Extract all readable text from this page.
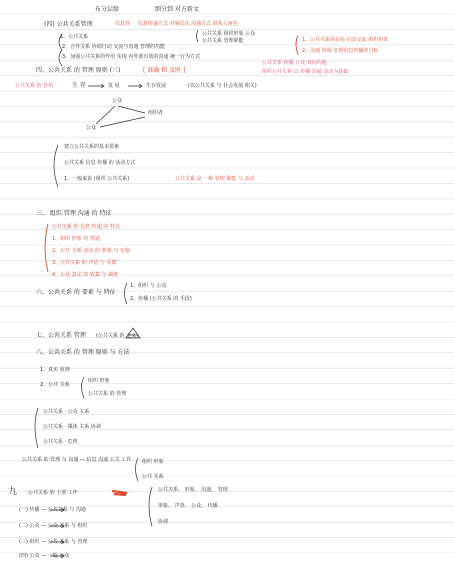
布分层级	细分到 对方新文
(四) 公共关系管理	信息性 信息传递方式 对象层次 沟通方式 联系人角色
1、公共关系
2、合作关系 协调行动 交流与沟通 管理的功能
3、加强公共关系的作用 实现 内外部有效的沟通 统一行为方式
公共关系 组织形象 公众
公共关系 管理职能	1、公共关系的目标 信息交流 组织形象
2、沟通 协调 实现信息传播的目标
公共关系 传播 公众 双向沟通
组织公共关系 以 传播 沟通 活动为基础
四、公共关系 的 管理 原则 (三)	[ 准确 和 及时 ]
公共关系 的 作用	生 存	发 展	生存发展	(以公共关系 与 社会发展 相关)
公众
公众
组织者
建立公共关系的基本要素
公共关系 信息 传播 的 活动方式
1、一般来说 (组织 公共关系)	公共关系 是 一种 管理 职能 与 活动
三、 组织 管理 沟通 的 特征
公共关系 的 信息 传递 的 特点
1、组织 形象 的 塑造
2、公共 关系 活动 的 策划 与 实施
3、公共关系 的 评估 与 反馈
4、公众 意见 的 收集 与 调查
六、公共关系 的 要素 与 特征
1、组织 与 公众
2、传播 (公共关系 的 手段)
七、公共关系 管理 (公共关系 的 定义)
八、公共关系 的 管理 原则 与 方法
1、真实 原则
2、公共 关系
组织 形象
公共关系 的 管理
公共关系 · 公众 关系
公共关系 · 媒体 关系 协调
公共关系 · 危机
公共关系 的 管理 与 沟通 — 信息 沟通 公关 工作 组织 形象
公共 关系
九 公共关系 的 主要 工作	公共关系、 形象、 沟通、 管理
形象、 声誉、 公众、 传播
协调
(一) 传播 — 公共关系 与 沟通
(二) 公众 — 公众 关系 与 组织
(三) 组织 — 公共 关系 与 管理
(四) 公众 — 一般 公众
